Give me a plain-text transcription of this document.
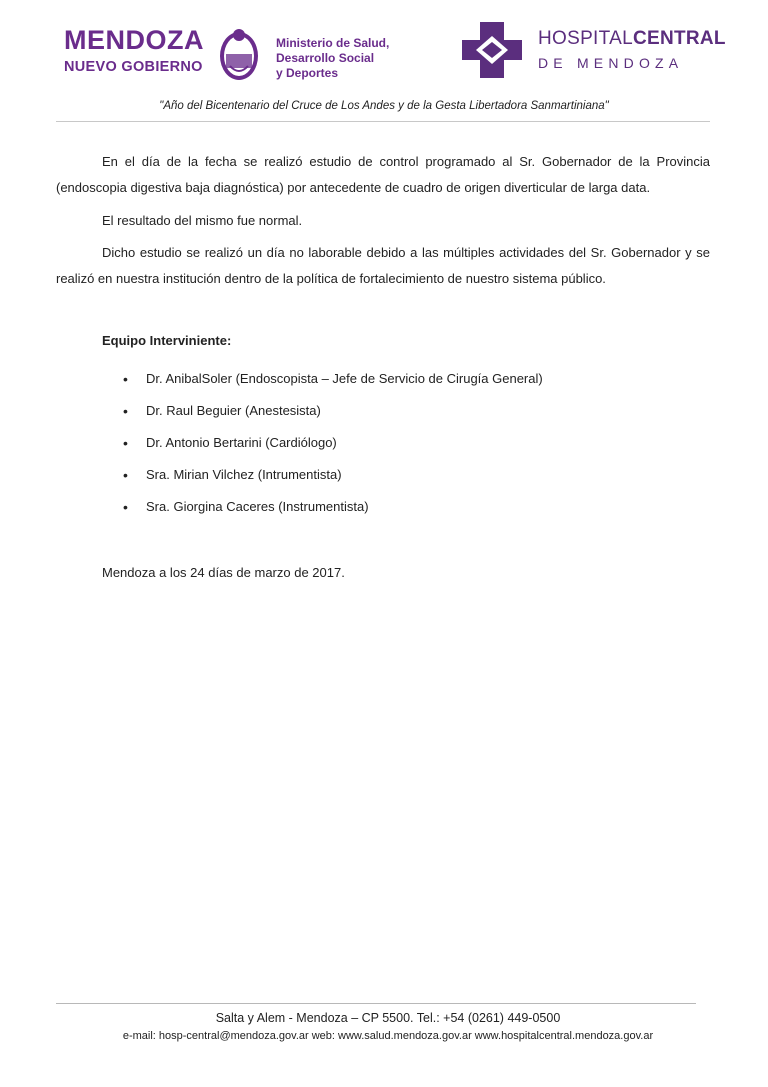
MENDOZA
NUEVO GOBIERNO
Ministerio de Salud,
Desarrollo Social
y Deportes
HOSPITALCENTRAL
DE MENDOZA
"Año del Bicentenario del Cruce de Los Andes y de la Gesta Libertadora Sanmartiniana"
En el día de la fecha se realizó estudio de control programado al Sr. Gobernador de la Provincia (endoscopia digestiva baja diagnóstica) por antecedente de cuadro de origen diverticular de larga data.
El resultado del mismo fue normal.
Dicho estudio se realizó un día no laborable debido a las múltiples actividades del Sr. Gobernador y se realizó en nuestra institución dentro de la política de fortalecimiento de nuestro sistema público.
Equipo Interviniente:
• Dr. AnibalSoler (Endoscopista – Jefe de Servicio de Cirugía General)
• Dr. Raul Beguier (Anestesista)
• Dr. Antonio Bertarini (Cardiólogo)
• Sra. Mirian Vilchez (Intrumentista)
• Sra. Giorgina Caceres (Instrumentista)
Mendoza a los 24 días de marzo de 2017.
Salta y Alem - Mendoza – CP 5500. Tel.: +54 (0261) 449-0500
e-mail: hosp-central@mendoza.gov.ar web: www.salud.mendoza.gov.ar www.hospitalcentral.mendoza.gov.ar
